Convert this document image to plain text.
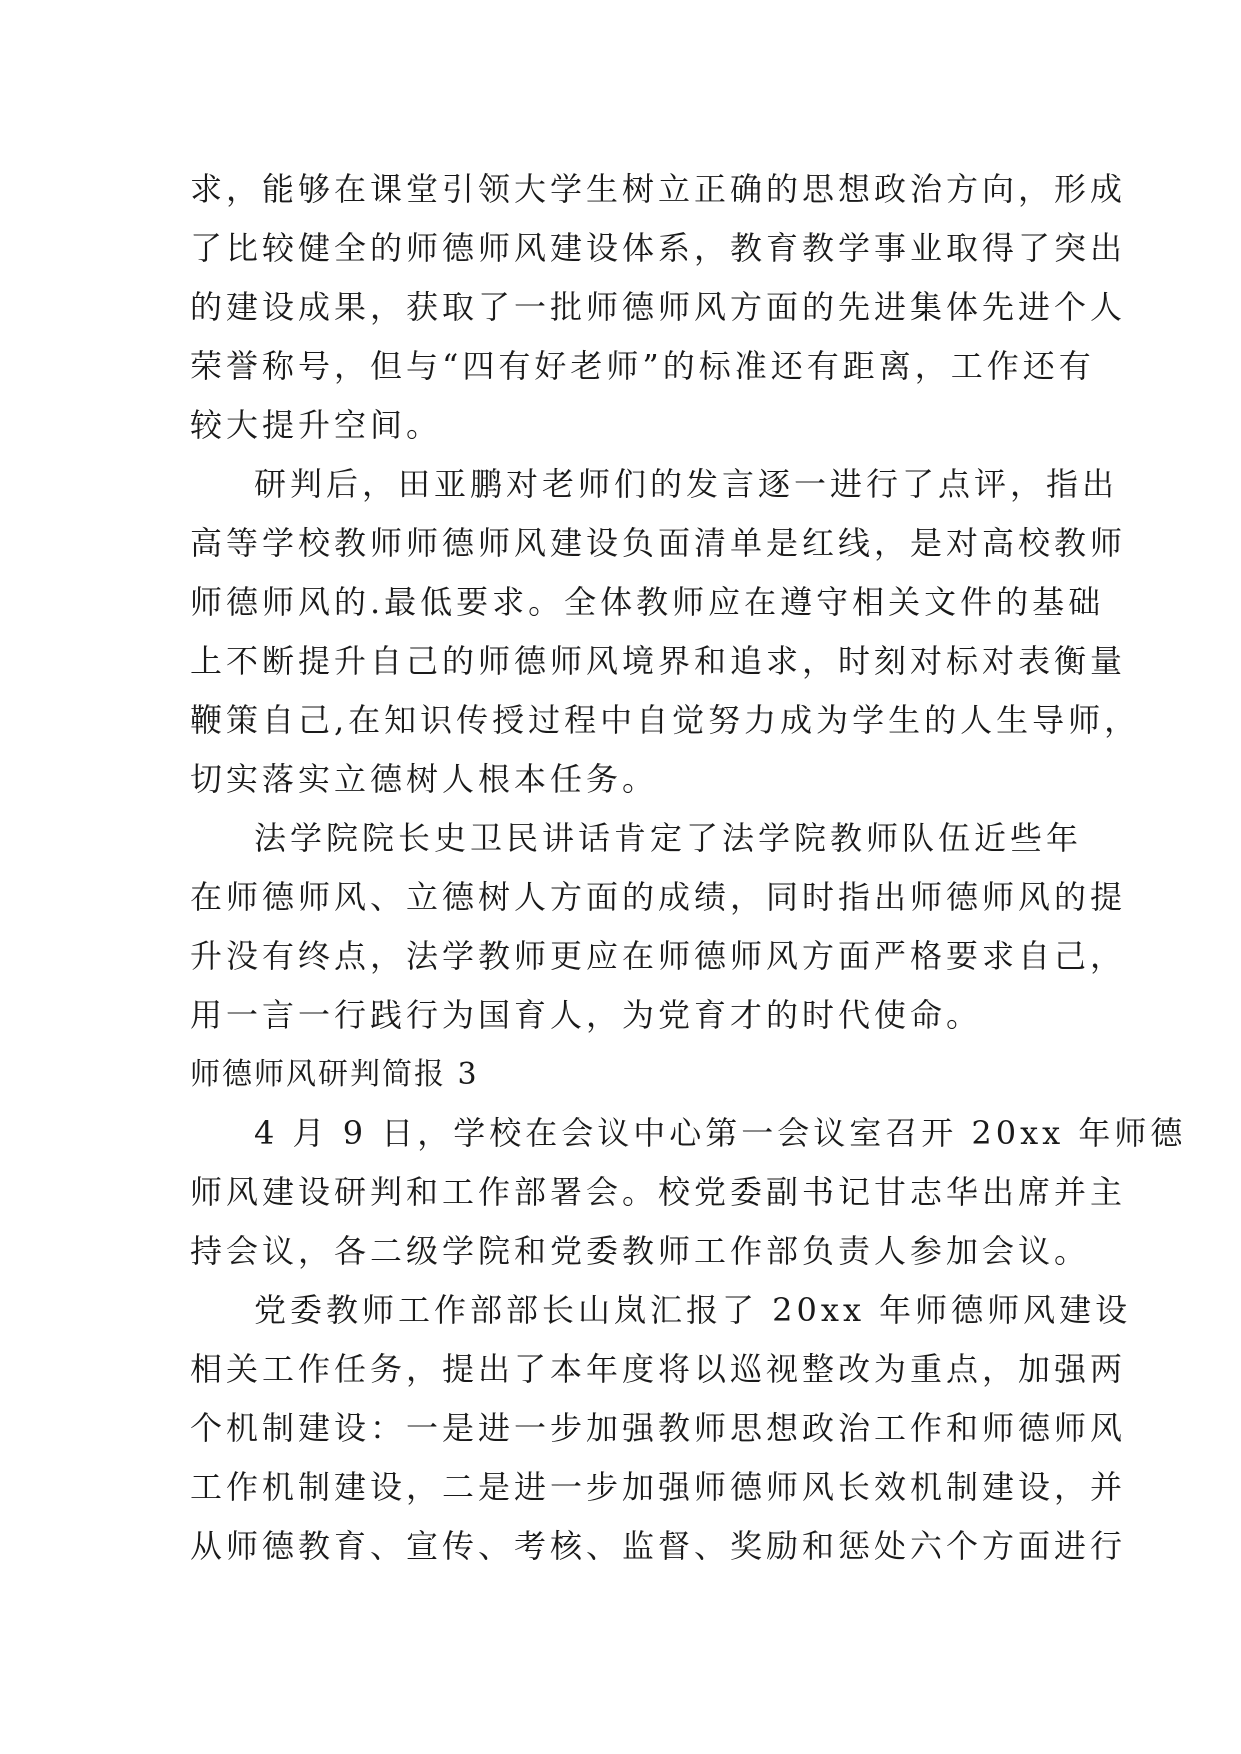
求，能够在课堂引领大学生树立正确的思想政治方向，形成
了比较健全的师德师风建设体系，教育教学事业取得了突出
的建设成果，获取了一批师德师风方面的先进集体先进个人
荣誉称号，但与“四有好老师”的标准还有距离，工作还有
较大提升空间。
研判后，田亚鹏对老师们的发言逐一进行了点评，指出
高等学校教师师德师风建设负面清单是红线，是对高校教师
师德师风的.最低要求。全体教师应在遵守相关文件的基础
上不断提升自己的师德师风境界和追求，时刻对标对表衡量
鞭策自己,在知识传授过程中自觉努力成为学生的人生导师，
切实落实立德树人根本任务。
法学院院长史卫民讲话肯定了法学院教师队伍近些年
在师德师风、立德树人方面的成绩，同时指出师德师风的提
升没有终点，法学教师更应在师德师风方面严格要求自己，
用一言一行践行为国育人，为党育才的时代使命。
师德师风研判简报 3
4 月 9 日，学校在会议中心第一会议室召开 20xx 年师德
师风建设研判和工作部署会。校党委副书记甘志华出席并主
持会议，各二级学院和党委教师工作部负责人参加会议。
党委教师工作部部长山岚汇报了 20xx 年师德师风建设
相关工作任务，提出了本年度将以巡视整改为重点，加强两
个机制建设：一是进一步加强教师思想政治工作和师德师风
工作机制建设，二是进一步加强师德师风长效机制建设，并
从师德教育、宣传、考核、监督、奖励和惩处六个方面进行
